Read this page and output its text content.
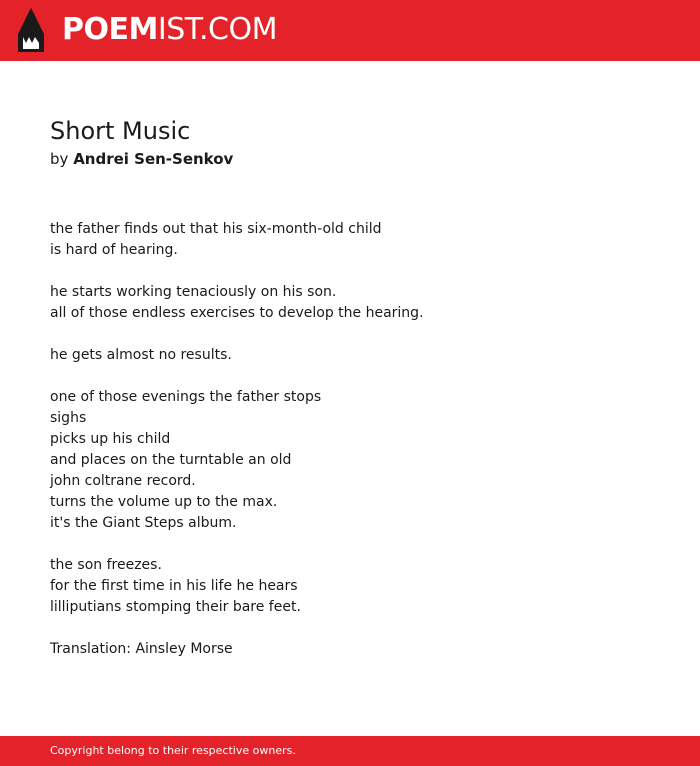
POEMIST.COM
Short Music
by Andrei Sen-Senkov

the father finds out that his six-month-old child
is hard of hearing.

he starts working tenaciously on his son.
all of those endless exercises to develop the hearing.

he gets almost no results.

one of those evenings the father stops
sighs
picks up his child
and places on the turntable an old
john coltrane record.
turns the volume up to the max.
it's the Giant Steps album.

the son freezes.
for the first time in his life he hears
lilliputians stomping their bare feet.

Translation: Ainsley Morse

Copyright belong to their respective owners.
